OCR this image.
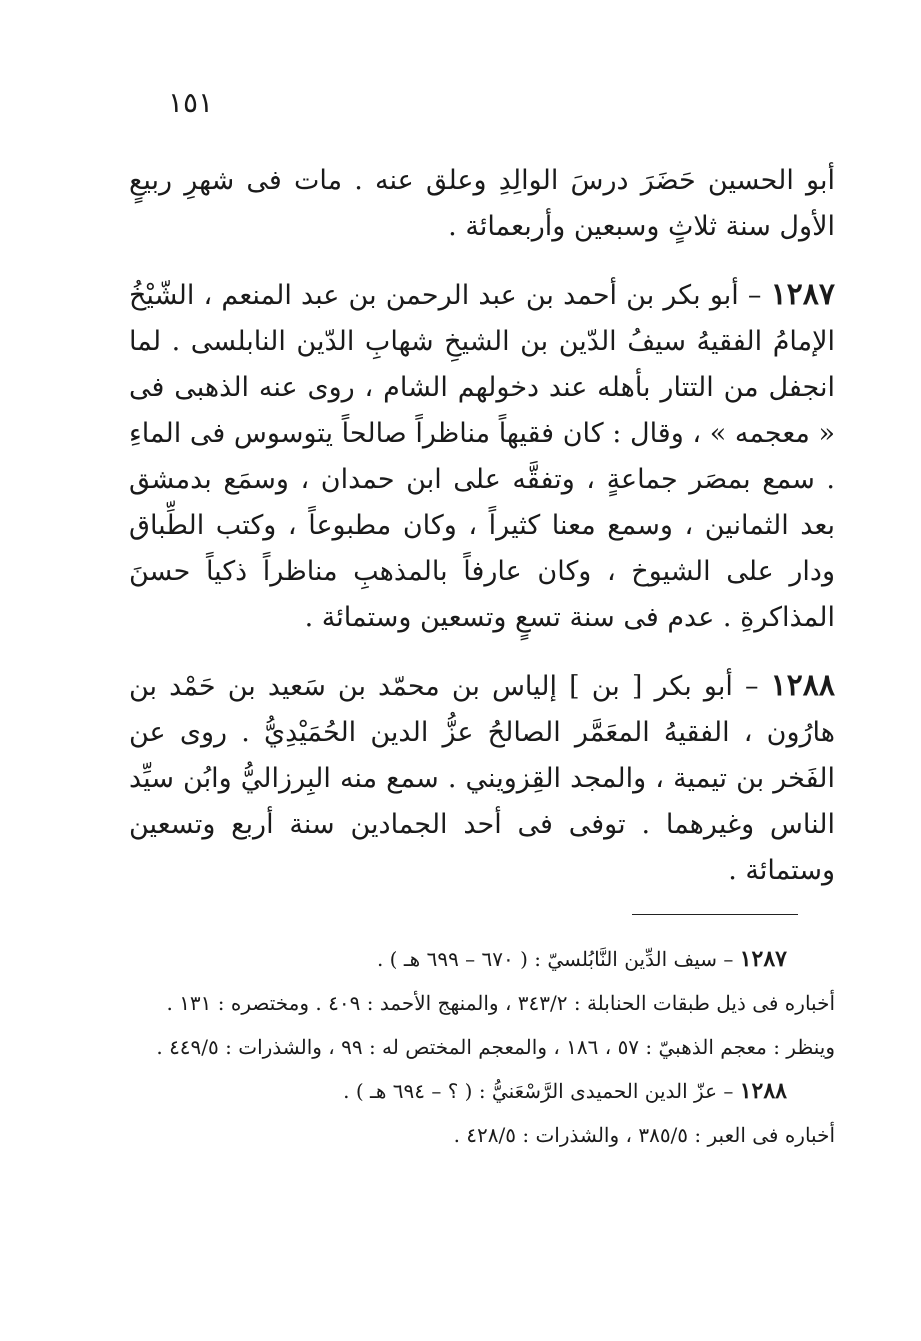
١٥١

أبو الحسين حَضَرَ درسَ الوالِدِ وعلق عنه . مات فى شهرِ ربيعٍ الأول سنة ثلاثٍ وسبعين وأربعمائة .

١٢٨٧ – أبو بكر بن أحمد بن عبد الرحمن بن عبد المنعم ، الشّيْخُ الإمامُ الفقيهُ سيفُ الدّين بن الشيخِ شهابِ الدّين النابلسى . لما انجفل من التتار بأهله عند دخولهم الشام ، روى عنه الذهبى فى « معجمه » ، وقال : كان فقيهاً مناظراً صالحاً يتوسوس فى الماءِ . سمع بمصَر جماعةٍ ، وتفقَّه على ابن حمدان ، وسمَع بدمشق بعد الثمانين ، وسمع معنا كثيراً ، وكان مطبوعاً ، وكتب الطِّباق ودار على الشيوخ ، وكان عارفاً بالمذهبِ مناظراً ذكياً حسنَ المذاكرةِ . عدم فى سنة تسعٍ وتسعين وستمائة .

١٢٨٨ – أبو بكر [ بن ] إلياس بن محمّد بن سَعيد بن حَمْد بن هارُون ، الفقيهُ المعَمَّر الصالحُ عزُّ الدين الحُمَيْدِيُّ . روى عن الفَخر بن تيمية ، والمجد القِزويني . سمع منه البِرزاليُّ وابُن سيِّد الناس وغيرهما . توفى فى أحد الجمادين سنة أربع وتسعين وستمائة .

١٢٨٧ – سيف الدِّين النَّابُلسيّ : ( ٦٧٠ – ٦٩٩ هـ ) .

أخباره فى ذيل طبقات الحنابلة : ٣٤٣/٢ ، والمنهج الأحمد : ٤٠٩ . ومختصره : ١٣١ .

وينظر : معجم الذهبيّ : ٥٧ ، ١٨٦ ، والمعجم المختص له : ٩٩ ، والشذرات : ٤٤٩/٥ .

١٢٨٨ – عزّ الدين الحميدى الرَّسْعَنيُّ : ( ؟ – ٦٩٤ هـ ) .

أخباره فى العبر : ٣٨٥/٥ ، والشذرات : ٤٢٨/٥ .
